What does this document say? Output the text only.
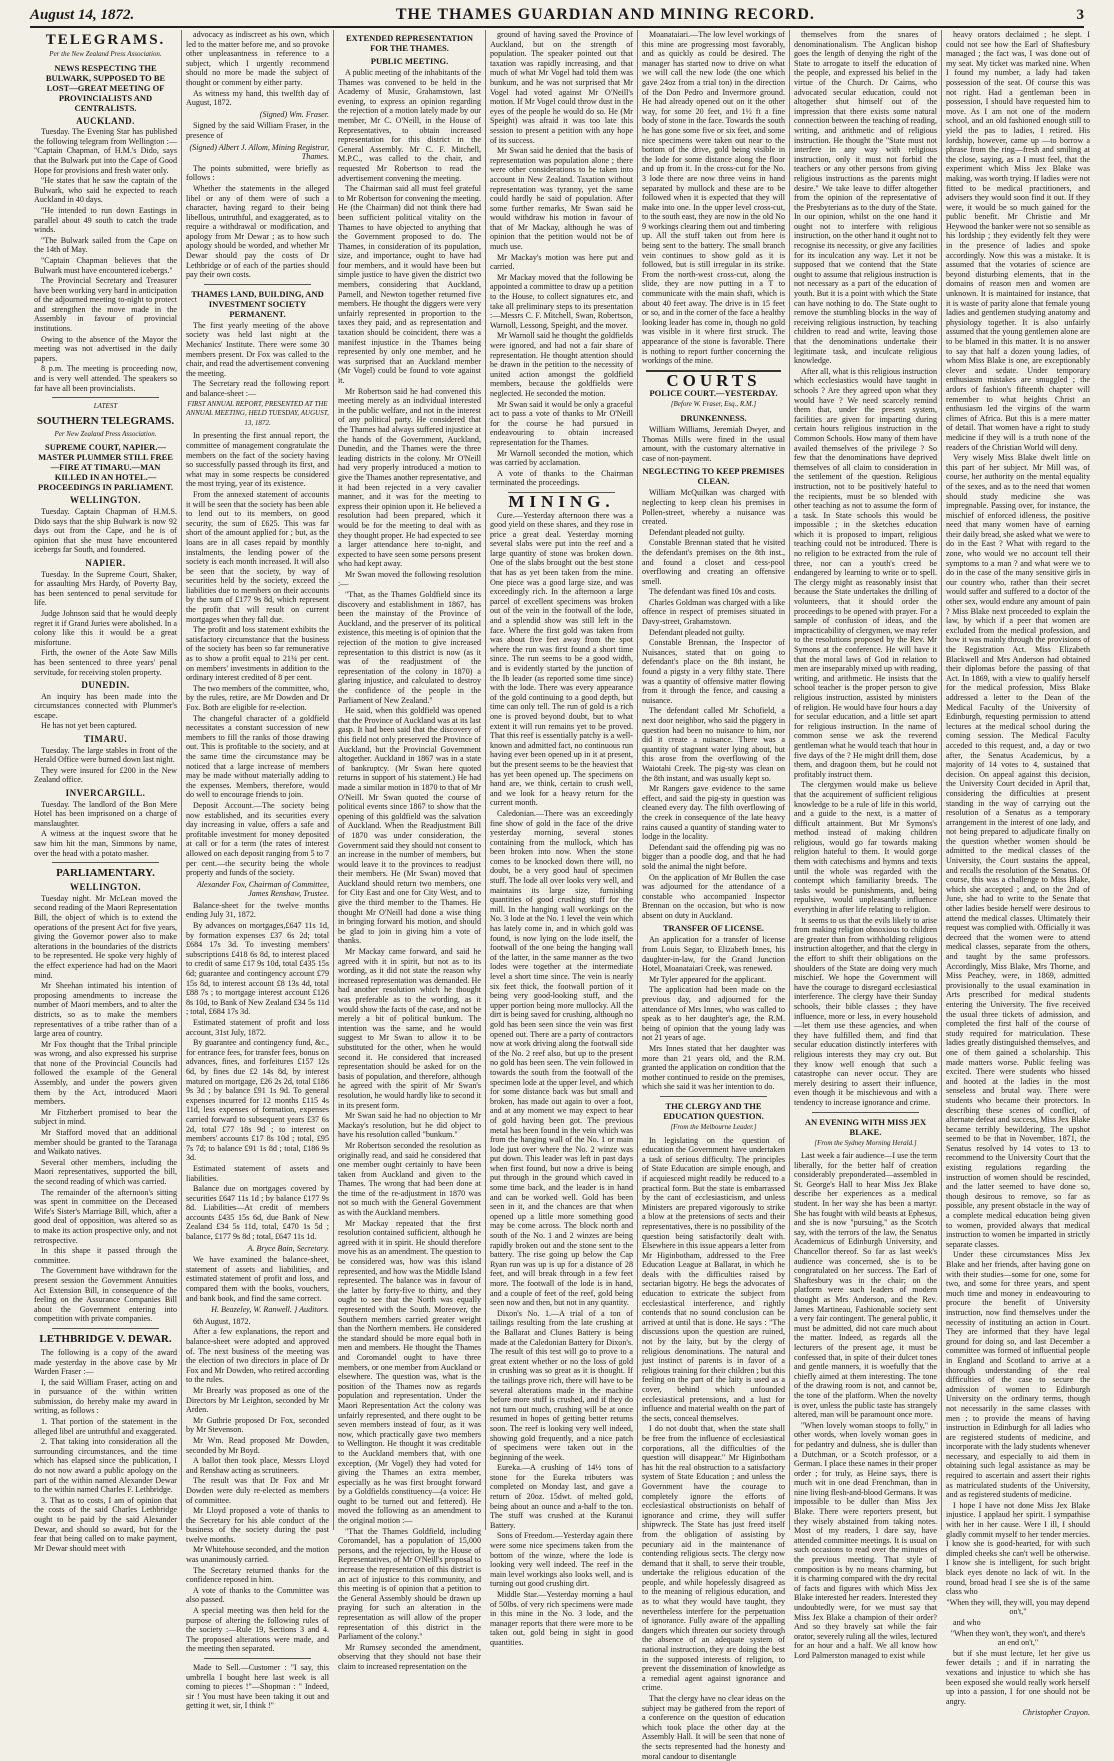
August 14, 1872.	THE THAMES GUARDIAN AND MINING RECORD.	3
TELEGRAMS.
Per the New Zealand Press Association.
NEWS RESPECTING THE BULWARK, SUPPOSED TO BE LOST—GREAT MEETING OF PROVINCIALISTS AND CENTRALISTS.
AUCKLAND.

Tuesday. The Evening Star has published the following telegram from Wellington :— "Captain Chapman, of H.M.'s Dido, says that the Bulwark put into the Cape of Good Hope for provisions and fresh water only.

"He states that he saw the captain of the Bulwark, who said he expected to reach Auckland in 40 days.

"He intended to run down Eastings in parallel about 49 south to catch the trade winds.

"The Bulwark sailed from the Cape on the 14th of May.

"Captain Chapman believes that the Bulwark must have encountered icebergs."

The Provincial Secretary and Treasurer have been working very hard in anticipation of the adjourned meeting to-night to protect and strengthen the move made in the Assembly in favour of provincial institutions.

Owing to the absence of the Mayor the meeting was not advertised in the daily papers.

8 p.m. The meeting is proceeding now, and is very well attended. The speakers so far have all been provincialists.

LATEST
SOUTHERN TELEGRAMS.
Per New Zealand Press Association.
SUPREME COURT, NAPIER.—MASTER PLUMMER STILL FREE—FIRE AT TIMARU.—MAN KILLED IN AN HOTEL.—PROCEEDINGS IN PARLIAMENT.
WELLINGTON.

Tuesday. Captain Chapman of H.M.S. Dido says that the ship Bulwark is now 92 days out from the Cape, and he is of opinion that she must have encountered icebergs far South, and foundered.

NAPIER.

Tuesday. In the Supreme Court, Shaker, for assaulting Mrs Hardy, of Poverty Bay, has been sentenced to penal servitude for life.

Judge Johnson said that he would deeply regret it if Grand Juries were abolished. In a colony like this it would be a great misfortune.

Firth, the owner of the Aote Saw Mills has been sentenced to three years' penal servitude, for receiving stolen property.

DUNEDIN.

An inquiry has been made into the circumstances connected with Plummer's escape.

He has not yet been captured.

TIMARU.

Tuesday. The large stables in front of the Herald Office were burned down last night.

They were insured for £200 in the New Zealand office.

INVERCARGILL.

Tuesday. The landlord of the Bon Mere Hotel has been imprisoned on a charge of manslaughter.

A witness at the inquest swore that he saw him hit the man, Simmons by name, over the head with a potato masher.

PARLIAMENTARY.
WELLINGTON.

Tuesday night. Mr McLean moved the second reading of the Maori Representation Bill, the object of which is to extend the operations of the present Act for five years, giving the Governor power also to make alterations in the boundaries of the districts to be represented. He spoke very highly of the effect experience had had on the Maori mind.

Mr Sheehan intimated his intention of proposing amendments to increase the number of Maori members, and to alter the districts, so as to make the members representatives of a tribe rather than of a large area of country.

Mr Fox thought that the Tribal principle was wrong, and also expressed his surprise that none of the Provincial Councils had followed the example of the General Assembly, and under the powers given them by the Act, introduced Maori members.

Mr Fitzherbert promised to bear the subject in mind.

Mr Stafford moved that an additional member should be granted to the Taranaga and Waikato natives.

Several other members, including the Maori representatives, supported the bill, the second reading of which was carried.

The remainder of the afternoon's sitting was spent in committee on the Deceased Wife's Sister's Marriage Bill, which, after a good deal of opposition, was altered so as to make its action prospective only, and not retrospective.

In this shape it passed through the committee.

The Government have withdrawn for the present session the Government Annuities Act Extension Bill, in consequence of the feeling on the Assurance Companies Bill about the Government entering into competition with private companies.

LETHBRIDGE V. DEWAR.

The following is a copy of the award made yesterday in the above case by Mr Warden Fraser :—

I, the said William Fraser, acting on and in pursuance of the within written submission, do hereby make my award in writing, as follows :

1. That portion of the statement in the alleged libel are untruthful and exaggerated.

2. That taking into consideration all the surrounding circumstances, and the time which has elapsed since the publication, I do not now award a public apology on the part of the within named Alexander Dewar to the within named Charles F. Lethbridge.

3. That as to costs, I am of opinion that the costs of the said Charles Lethbridge ought to be paid by the said Alexander Dewar, and should so award, but for the fear that being called on to make payment, Mr Dewar should meet with

advocacy as indiscreet as his own, which led to the matter before me, and so provoke other unpleasantness in reference to a subject, which I urgently recommend should no more be made the subject of thought or comment by either party.

As witness my hand, this twelfth day of August, 1872.

(Signed) Wm. Fraser.

Signed by the said William Fraser, in the presence of

(Signed) Albert J. Allom, Mining Registrar, Thames.

The points submitted, were briefly as follows :

Whether the statements in the alleged libel or any of them were of such a character, having regard to their being libellous, untruthful, and exaggerated, as to require a withdrawal or modification, and apology from Mr Dewar ; as to how such apology should be worded, and whether Mr Dewar should pay the costs of Dr Lethbridge or of each of the parties should pay their own costs.

THAMES LAND, BUILDING, AND INVESTMENT SOCIETY PERMANENT.

The first yearly meeting of the above society was held last night at the Mechanics' Institute. There were some 30 members present. Dr Fox was called to the chair, and read the advertisement convening the meeting.

The Secretary read the following report and balance-sheet :—

FIRST ANNUAL REPORT, PRESENTED AT THE ANNUAL MEETING, HELD TUESDAY, AUGUST, 13, 1872.

In presenting the first annual report, the committee of management congratulate the members on the fact of the society having so successfully passed through its first, and what may in some respects be considered the most trying, year of its existence.

From the annexed statement of accounts it will be seen that the society has been able to lend out to its members, on good security, the sum of £625. This was far short of the amount applied for ; but, as the loans are in all cases repaid by monthly instalments, the lending power of the society is each month increased. It will also be seen that the society, by way of securities held by the society, exceed the liabilities due to members on their accounts by the sum of £177 9s 8d, which represent the profit that will result on current mortgages when they fall due.

The profit and loss statement exhibits the satisfactory circumstance that the business of the society has been so far remunerative as to show a profit equal to 21¼ per cent. on members' investments in addition to the ordinary interest credited of 8 per cent.

The two members of the committee, who, by the rules, retire, are Mr Dowden and Dr Fox. Both are eligible for re-election.

The changeful character of a goldfield necessitates a constant succession of new members to fill the ranks of those drawing out. This is profitable to the society, and at the same time the circumstance may be noticed that a large increase of members may be made without materially adding to the expenses. Members, therefore, would do well to encourage friends to join.

Deposit Account.—The society being now established, and its securities every day increasing in value, offers a safe and profitable investment for money deposited at call or for a term (the rates of interest allowed on each deposit ranging from 5 to 7 per cent.—the security being the whole property and funds of the society.

Alexander Fox, Chairman of Committee, James Renshaw, Trustee.

Balance-sheet for the twelve months ending July 31, 1872.

By advances on mortgages,£647 11s 1d, by formation expenses £37 6s 2d; total £684 17s 3d. To investing members' subscriptions £418 6s 8d, to interest placed to credit of same £17 9s 10d, total £435 15s 6d; guarantee and contingency account £79 15s 8d, to interest account £8 13s 4d, total £88 7s ; to mortgage interest account £126 8s 10d, to Bank of New Zealand £34 5s 11d ; total, £684 17s 3d.

Estimated statement of profit and loss account, 31st July, 1872.

By guarantee and contingency fund, &c., for entrance fees, for transfer fees, bonus on advances, fines, and forfeitures £157 12s 6d, by fines due £2 14s 8d, by interest matured on mortgage, £26 2s 2d, total £186 9s 3d ; by balance £91 1s 9d. To general expenses incurred for 12 months £115 4s 11d, less expenses of formation, expenses carried forward to subsequent years £37 6s 2d, total £77 18s 9d ; to interest on members' accounts £17 8s 10d ; total, £95 7s 7d; to balance £91 1s 8d ; total, £186 9s 3d.

Estimated statement of assets and liabilities.

Balance due on mortgages covered by securities £647 11s 1d ; by balance £177 9s 8d. Liabilities—At credit of members accounts £435 15s 6d, due Bank of New Zealand £34 5s 11d, total, £470 1s 5d ; balance, £177 9s 8d ; total, £647 11s 1d.

A. Bryce Bain, Secretary.

We have examined the balance-sheet, statement of assets and liabilities, and estimated statement of profit and loss, and compared them with the books, vouchers, and bank book, and find the same correct.

H. Beazeley, W. Ranwell. } Auditors.

6th August, 1872.

After a few explanations, the report and balance-sheet were adopted and approved of. The next business of the meeting was the election of two directors in place of Dr Fox and Mr Dowden, who retired according to the rules.

Mr Brearly was proposed as one of the Directors by Mr Leighton, seconded by Mr Arden.

Mr Guthrie proposed Dr Fox, seconded by Mr Stevenson.

Mr Wm. Read proposed Mr Dowden, seconded by Mr Boyd.

A ballot then took place, Messrs Lloyd and Renshaw acting as scrutineers.

The result was that Dr Fox and Mr Dowden were duly re-elected as members of committee.

Mr Lloyd proposed a vote of thanks to the Secretary for his able conduct of the business of the society during the past twelve months.

Mr Whitehouse seconded, and the motion was unanimously carried.

The Secretary returned thanks for the confidence reposed in him.

A vote of thanks to the Committee was also passed.

A special meeting was then held for the purpose of altering the following rules of the society :—Rule 19, Sections 3 and 4. The proposed alterations were made, and the meeting then separated.

Made to Sell.—Customer : "I say, this umbrella I bought here last week is all coming to pieces !"—Shopman : " Indeed, sir ! You must have been taking it out and getting it wet, sir, I think !"

EXTENDED REPRESENTATION FOR THE THAMES.
PUBLIC MEETING.

A public meeting of the inhabitants of the Thames was convened to be held in the Academy of Music, Grahamstown, last evening, to express an opinion regarding the rejection of a motion lately made by our member, Mr C. O'Neill, in the House of Representatives, to obtain increased representation for this district in the General Assembly. Mr C. F. Mitchell, M.P.C., was called to the chair, and requested Mr Robertson to read the advertisement convening the meeting.

The Chairman said all must feel grateful to Mr Robertson for convening the meeting. He (the Chairman) did not think there had been sufficient political vitality on the Thames to have objected to anything that the Government proposed to do. The Thames, in consideration of its population, size, and importance, ought to have had four members, and it would have been but simple justice to have given the district two members, considering that Auckland, Parnell, and Newton together returned five members. He thought the diggers were very unfairly represented in proportion to the taxes they paid, and as representation and taxation should be coincident, there was a manifest injustice in the Thames being represented by only one member, and he was surprised that an Auckland member (Mr Vogel) could be found to vote against it.

Mr Robertson said he had convened this meeting merely as an individual interested in the public welfare, and not in the interest of any political party. He considered that the Thames had always suffered injustice at the hands of the Government, Auckland, Dunedin, and the Thames were the three leading districts in the colony. Mr O'Neill had very properly introduced a motion to give the Thames another representative, and it had been rejected in a very cavalier manner, and it was for the meeting to express their opinion upon it. He believed a resolution had been prepared, which it would be for the meeting to deal with as they thought proper. He had expected to see a larger attendance here to-night, and expected to have seen some persons present who had kept away.

Mr Swan moved the following resolution :—

"That, as the Thames Goldfield since its discovery and establishment in 1867, has been the mainstay of the Province of Auckland, and the preserver of its political existence, this meeting is of opinion that the rejection of the motion to give increased representation to this district is now (as it was of the readjustment of the representation of the colony in 1870) a glaring injustice, and calculated to destroy the confidence of the people in the Parliament of New Zealand."

He said, when this goldfield was opened that the Province of Auckland was at its last gasp. It had been said that the discovery of this field not only preserved the Province of Auckland, but the Provincial Government altogether. Auckland in 1867 was in a state of bankruptcy. (Mr Swan here quoted returns in support of his statement.) He had made a similar motion in 1870 to that of Mr O'Neill. Mr Swan quoted the course of political events since 1867 to show that the opening of this goldfield was the salvation of Auckland. When the Readjustment Bill of 1870 was under consideration, the Government said they should not consent to an increase in the number of members, but would leave it to the provinces to readjust their members. He (Mr Swan) moved that Auckland should return two members, one for City East and one for City West, and to give the third member to the Thames. He thought Mr O'Neill had done a wise thing in bringing forward his motion, and should be glad to join in giving him a vote of thanks.

Mr Mackay came forward, and said he agreed with it in spirit, but not as to its wording, as it did not state the reason why increased representation was demanded. He had another resolution which he thought was preferable as to the wording, as it would show the facts of the case, and not be merely a bit of political bunkum. The intention was the same, and he would suggest to Mr Swan to allow it to be substituted for the other, when he would second it. He considered that increased representation should be asked for on the basis of population, and therefore, although he agreed with the spirit of Mr Swan's resolution, he would hardly like to second it in its present form.

Mr Swan said he had no objection to Mr Mackay's resolution, but he did object to have his resolution called "bunkum."

Mr Robertson seconded the resolution as originally read, and said he considered that one member ought certainly to have been taken from Auckland and given to the Thames. The wrong that had been done at the time of the re-adjustment in 1870 was not so much with the General Government as with the Auckland members.

Mr Mackay repeated that the first resolution contained sufficient, although he agreed with it in spirit. He should therefore move his as an amendment. The question to be considered was, how was this island represented, and how was the Middle Island represented. The balance was in favour of the latter by forty-five to thirty, and they ought to see that the North was equally represented with the South. Moreover, the Southern members carried greater weight than the Northern members. He considered the standard should be more equal both in men and members. He thought the Thames and Coromandel ought to have three members, or one member from Auckland or elsewhere. The question was, what is the position of the Thames now as regards population and representation. Under the Maori Representation Act the colony was unfairly represented, and there ought to be seven members instead of four, as it was now, which practically gave two members to Wellington. He thought it was creditable to the Auckland members that, with one exception, (Mr Vogel) they had voted for giving the Thames an extra member, especially as he was first brought forward by a Goldfields constituency—(a voice: He ought to be turned out and fettered). He moved the following as an amendment to the original motion :—

"That the Thames Goldfield, including Coromandel, has a population of 15,000 persons, and the rejection, by the House of Representatives, of Mr O'Neill's proposal to increase the representation of this district is an act of injustice to this community, and this meeting is of opinion that a petition to the General Assembly should be drawn up praying for such an alteration in the representation as will allow of the proper representation of this district in the Parliament of the colony."

Mr Rumsey seconded the amendment, observing that they should not base their claim to increased representation on the

ground of having saved the Province of Auckland, but on the strength of population. The speaker pointed out that taxation was rapidly increasing, and that much of what Mr Vogel had told them was bunkum, and he was not surprised that Mr Vogel had voted against Mr O'Neill's motion. If Mr Vogel could throw dust in the eyes of the people he would do so. He (Mr Speight) was afraid it was too late this session to present a petition with any hope of its success.

Mr Swan said he denied that the basis of representation was population alone ; there were other considerations to be taken into account in New Zealand. Taxation without representation was tyranny, yet the same could hardly be said of population. After some further remarks, Mr Swan said he would withdraw his motion in favour of that of Mr Mackay, although he was of opinion that the petition would not be of much use.

Mr Mackay's motion was here put and carried.

Mr Mackay moved that the following be appointed a committee to draw up a petition to the House, to collect signatures etc, and take all preliminary steps to its presentation :—Messrs C. F. Mitchell, Swan, Robertson, Warnoll, Lessong, Speight, and the mover.

Mr Warnoll said he thought the goldfields were ignored, and had not a fair share of representation. He thought attention should be drawn in the petition to the necessity of united action amongst the goldfield members, because the goldfields were neglected. He seconded the motion.

Mr Swan said it would be only a graceful act to pass a vote of thanks to Mr O'Neill for the course he had pursued in endeavouring to obtain increased representation for the Thames.

Mr Warnoll seconded the motion, which was carried by acclamation.

A vote of thanks to the Chairman terminated the proceedings.

MINING.

Cure.—Yesterday afternoon there was a good yield on these shares, and they rose in price a great deal. Yesterday morning several slabs were put into the reef and a large quantity of stone was broken down. One of the slabs brought out the best stone that has as yet been taken from the mine. One piece was a good large size, and was exceedingly rich. In the afternoon a large parcel of excellent specimens was broken out of the vein in the footwall of the lode, and a splendid show was still left in the face. Where the first gold was taken from was about five feet away from the spot where the run was first found a short time since. The run seems to be a good width, and is evidently started by the junction of the Ib leader (as reported some time since) with the lode. There was every appearance of the gold continuing to a good depth, but time can only tell. The run of gold is a rich one is proved beyond doubt, but to what extent it will run remains yet to be proved. That this reef is essentially patchy is a well-known and admitted fact, no continuous run having ever been opened up in it at present, but the present seems to be the heaviest that has yet been opened up. The specimens on hand are, we think, certain to crush well, and we look for a heavy return for the current month.

Caledonian.—There was an exceedingly fine show of gold in the face of the drive yesterday morning, several stones containing from the mullock, which has been broken into now. When the stone comes to be knocked down there will, no doubt, be a very good haul of specimen stuff. The lode all over looks very well, and maintains its large size, furnishing quantities of good crushing stuff for the mill. In the hanging wall workings on the No. 3 lode at the No. 1 level the vein which has lately come in, and in which gold was found, is now lying on the lode itself, the footwall of the one being the hanging wall of the latter, in the same manner as the two lodes were together at the intermediate level a short time since. The vein is nearly six feet thick, the footwall portion of it being very good-looking stuff, and the upper portion being more mullocky. All the dirt is being saved for crushing, although no gold has been seen since the vein was first opened out. There are a party of contractors now at work driving along the footwall side of the No. 2 reef also, but up to the present no gold has been seen. The vein followed in towards the south from the footwall of the specimen lode at the upper level, and which for some distance back was but small and broken, has made out again to over a foot, and at any moment we may expect to hear of gold having been got. The previous metal has been found in the vein which was from the hanging wall of the No. 1 or main lode just over where the No. 2 winze was put down. This leader was left in past days when first found, but now a drive is being put through in the ground which caved in some time back, and the leader is in hand and can be worked well. Gold has been seen in it, and the chances are that when opened up a little more something good may be come across. The block north and south of the No. 1 and 2 winzes are being rapidly broken out and the stone sent to the battery. The rise going up below the Cap Ryan run was up is up for a distance of 28 feet, and will break through in a few feet more. The footwall of the lode is in hand, and a couple of feet of the reef, gold being seen now and then, but not in any quantity.

Dixon's No. 1.—A trial of a ton of tailings resulting from the late crushing at the Ballarat and Clunes Battery is being made at the Caledonian Battery for Dixon's. The result of this test will go to prove to a great extent whether or no the loss of gold in crushing was so great as it is thought. If the tailings prove rich, there will have to be several alterations made in the machine before more stuff is crushed, and if they do not turn out much, crushing will be at once resumed in hopes of getting better returns soon. The reef is looking very well indeed, showing gold frequently, and a nice patch of specimens were taken out in the beginning of the week.

Eureka.—A crushing of 14½ tons of stone for the Eureka tributers was completed on Monday last, and gave a return of 20oz. 15dwt. of melted gold, being about an ounce and a-half to the ton. The stuff was crushed at the Kuranui Battery.

Sons of Freedom.—Yesterday again there were some nice specimens taken from the bottom of the winze, where the lode is looking very well indeed. The reef in the main level workings also looks well, and is turning out good crushing dirt.

Middle Star.—Yesterday morning a haul of 50lbs. of very rich specimens were made in this mine in the No. 3 lode, and the manager reports that there were more to be taken out, gold being in sight in good quantities.

Moanataiari.—The low level workings of this mine are progressing most favorably, and as quickly as could be desired. The manager has started now to drive on what we will call the new lode (the one which gave 24oz from a trial ton) in the direction of the Don Pedro and Invermore ground. He had already opened out on it the other way, for some 20 feet, and 1½ ft a fine body of stone in the face. Towards the south he has gone some five or six feet, and some nice specimens were taken out near to the bottom of the drive, gold being visible in the lode for some distance along the floor and up from it. In the cross-cut for the No. 3 lode there are now three veins in hand separated by mullock and these are to be followed when it is expected that they will make into one. In the upper level cross-cut, to the south east, they are now in the old No 9 workings clearing them out and timbering up. All the stuff taken out from here is being sent to the battery. The small branch vein continues to show gold as it is followed, but is still irregular in its strike. From the north-west cross-cut, along the slide, they are now putting in a T to communicate with the main shaft, which is about 40 feet away. The drive is in 15 feet or so, and in the corner of the face a healthy looking leader has come in, though no gold was visible in it where first struck. The appearance of the stone is favorable. There is nothing to report further concerning the workings of the mine.

COURTS
POLICE COURT.—YESTERDAY.
[Before W. Fraser, Esq., R.M.]
DRUNKENNESS.

William Williams, Jeremiah Dwyer, and Thomas Mills were fined in the usual amount, with the customary alternative in case of non-payment.

NEGLECTING TO KEEP PREMISES CLEAN.

William McQuilkan was charged with neglecting to keep clean his premises in Pollen-street, whereby a nuisance was created.

Defendant pleaded not guilty.

Constable Brennan stated that he visited the defendant's premises on the 8th inst., and found a closet and cess-pool overflowing and creating an offensive smell.

The defendant was fined 10s and costs.

Charles Goldman was charged with a like offence in respect of premises situated in Davy-street, Grahamstown.

Defendant pleaded not guilty.

Constable Brennan, the Inspector of Nuisances, stated that on going to defendant's place on the 8th instant, he found a pigsty in a very filthy state. There was a quantity of offensive matter flowing from it through the fence, and causing a nuisance.

The defendant called Mr Schofield, a next door neighbor, who said the piggery in question had been no nuisance to him, nor did it create a nuisance. There was a quantity of stagnant water lying about, but this arose from the overflowing of the Waiotahi Creek. The pig-sty was clean on the 8th instant, and was usually kept so.

Mr Rangers gave evidence to the same effect, and said the pig-sty in question was cleaned every day. The filth overflowing of the creek in consequence of the late heavy rains caused a quantity of standing water to lodge in the locality.

Defendant said the offending pig was no bigger than a poodle dog, and that he had sold the animal the night before.

On the application of Mr Bullen the case was adjourned for the attendance of a constable who accompanied Inspector Brennan on the occasion, but who is now absent on duty in Auckland.

TRANSFER OF LICENSE.

An application for a transfer of license from Louis Segar, to Elizabeth Innes, his daughter-in-law, for the Grand Junction Hotel, Moanataiari Creek, was renewed.

Mr Tyler appeared for the applicant.

The application had been made on the previous day, and adjourned for the attendance of Mrs Innes, who was called to speak as to her daughter's age, the R.M. being of opinion that the young lady was not 21 years of age.

Mrs Innes stated that her daughter was more than 21 years old, and the R.M. granted the application on condition that the mother continued to reside on the premises, which she said it was her intention to do.

THE CLERGY AND THE EDUCATION QUESTION.
[From the Melbourne Leader.]

In legislating on the question of education the Government have undertaken a task of serious difficulty. The principles of State Education are simple enough, and if acquiesced might readily be reduced to a practical form. But the state is embarrassed by the cant of ecclesiasticism, and unless Ministers are prepared vigorously to strike a blow at the pretensions of sects and their representatives, there is no possibility of the question being satisfactorily dealt with. Elsewhere in this issue appears a letter from Mr Higinbotham, addressed to the Free Education League at Ballarat, in which he deals with the difficulties raised by sectarian bigotry. He begs the advocates of education to extricate the subject from ecclesiastical interference, and rightly contends that no sound conclusion can be arrived at until that is done. He says : "The discussions upon the question are ruined, not by the laity, but by the clergy of religious denominations. The natural and just instinct of parents is in favor of a religious training for their children ; but this feeling on the part of the laity is used as a cover, behind which unfounded ecclesiastical pretensions, and a lust for influence and material wealth on the part of the sects, conceal themselves.

I do not doubt that, when the state shall be free from the influence of ecclesiastical corporations, all the difficulties of the question will disappear." Mr Higinbotham has hit the real obstruction to a satisfactory system of State Education ; and unless the Government have the courage to completely ignore the efforts of ecclesiastical obstructionists on behalf of ignorance and crime, they will suffer shipwreck. The State has just freed itself from the obligation of assisting by pecuniary aid in the maintenance of contending religious sects. The clergy now demand that it shall, to serve their trouble, undertake the religious education of the people, and while hopelessly disagreed as to the meaning of religious education, and as to what they would have taught, they nevertheless interfere for the perpetuation of ignorance. Fully aware of the appalling dangers which threaten our society through the absence of an adequate system of national instruction, they are doing the best in the supposed interests of religion, to prevent the dissemination of knowledge as a remedial agent against ignorance and crime.

That the clergy have no clear ideas on the subject may be gathered from the report of a conference on the question of education which took place the other day at the Assembly Hall. It will be seen that none of the sects represented had the honesty and moral candour to disentangle

themselves from the snares of denominationalism. The Anglican bishop goes the length of denying the right of the State to arrogate to itself the education of the people, and expressed his belief in the virtue of the Church. Dr Cairns, who advocated secular education, could not altogether shut himself out of the impression that there exists some natural connection between the teaching of reading, writing, and arithmetic and of religious instruction. He thought the "State must not interfere in any way with religious instruction, only it must not forbid the teachers or any other persons from giving religious instructions as the parents might desire." We take leave to differ altogether from the opinion of the representative of the Presbyterians as to the duty of the State. In our opinion, whilst on the one hand it ought not to interfere with religious instruction, on the other hand it ought not to recognise its necessity, or give any facilities for its inculcation any way. Let it not be supposed that we contend that the State ought to assume that religious instruction is not necessary as a part of the education of youth. But it is a point with which the State can have nothing to do. The State ought to remove the stumbling blocks in the way of receiving religious instruction, by teaching children to read and write, leaving those that the denominations undertake their legitimate task, and inculcate religious knowledge.

After all, what is this religious instruction which ecclesiastics would have taught in schools ? Are they agreed upon what they would have ? We need scarcely remind them that, under the present system, facilities are given for imparting during certain hours religious instruction in the Common Schools. How many of them have availed themselves of the privilege ? So few that the denominations have deprived themselves of all claim to consideration in the settlement of the question. Religious instruction, not to be positively hateful to the recipients, must be so blended with other teaching as not to assume the form of a task. In State schools this would be impossible ; in the sketches education which it is proposed to impart, religious teaching could not be introduced. There is no religion to be extracted from the rule of three, nor can a youth's creed be endangered by learning to write or to spell. The clergy might as reasonably insist that because the State undertakes the drilling of volunteers, that it should order the proceedings to be opened with prayer. For a sample of confusion of ideas, and the impracticability of clergymen, we may refer to the resolutions proposed by the Rev. Mr Symons at the conference. He will have it that the moral laws of God in relation to men are inseparably mixed up with reading, writing, and arithmetic. He insists that the school teacher is the proper person to give religious instruction, assisted by ministers of religion. He would have four hours a day for secular education, and a little set apart for religious instruction. In the name of common sense we ask the reverend gentleman what he would teach that hour in five days of the ? He might drill them, dose them, and dragoon them, but he could not profitably instruct them.

The clergymen would make us believe that the acquirement of sufficient religious knowledge to be a rule of life in this world, and a guide to the next, is a matter of difficult attainment. But Mr Symons's method instead of making children religious, would go far towards making religion hateful to them. It would gorge them with catechisms and hymns and texts until the whole was regarded with the contempt which familiarity breeds. The tasks would be punishments, and, being repulsive, would unpleasantly influence everything in after life relating to religion.

It seems to us that the evils likely to arise from making religion obnoxious to children are greater than from withholding religious instruction altogether, and that the clergy in the effort to shift their obligations on the shoulders of the State are doing very much mischief. We hope the Government will have the courage to disregard ecclesiastical interference. The clergy have their Sunday schools, their bible classes ; they have influence, more or less, in every household—let them use these agencies, and when they have fulfilled them, and find that secular education distinctly interferes with religious interests they may cry out. But they know well enough that such a catastrophe can never occur. They are merely desiring to assert their influence, even though it be mischievous and with a tendency to increase ignorance and crime.

AN EVENING WITH MISS JEX BLAKE.
[From the Sydney Morning Herald.]

Last week a fair audience—I use the term liberally, for the better half of creation considerably preponderated—assembled in St. George's Hall to hear Miss Jex Blake describe her experiences as a medical student. In her way she has been a martyr. She has fought with wild beasts at Ephesus, and she is now "pursuing," as the Scotch say, with the terrors of the law, the Senatus Academicus of Edinburgh University, and Chancellor thereof. So far as last week's audience was concerned, she is to be congratulated on her success. The Earl of Shaftesbury was in the chair; on the platform were such leaders of modern thought as Mrs Anderson, and the Rev. James Martineau, Fashionable society sent a very fair contingent. The general public, it must be admitted, did not care much about the matter. Indeed, as regards all the lecturers of the present age, it must be confessed that, in spite of their dulcet tones and gentle manners, it is woefully that the chiefly aimed at them interesting. The tone of the drawing room is not, and cannot be, the tone of the platform. When the novelty is over, unless the public taste has strangely altered, man will be paramount once more.

"When lovely woman stoops to folly," in other words, when lovely woman goes in for pedantry and dulness, she is duller than a Dutchman, or a Scotch professor, or a German. I place these names in their proper order ; for truly, as Heine says, there is much wit in one dead Frenchman, than in nine living flesh-and-blood Germans. It was impossible to be duller than Miss Jex Blake. There were reporters present, but they wisely abstained from taking notes. Most of my readers, I dare say, have attended committee meetings. It is usual on such occasions to read over the minutes of the previous meeting. That style of composition is by no means charming, but it is charming compared with the dry recital of facts and figures with which Miss Jex Blake interested her readers. Interested they undoubtedly were, for we must say that Miss Jex Blake a champion of their order? And so they bravely sat while the fair orator, severely ruling all the wiles, lectured for an hour and a half. We all know how Lord Palmerston managed to exist while

heavy orators declaimed ; he slept. I could not see how the Earl of Shaftesbury managed ; the fact was, I was done out of my seat. My ticket was marked nine. When I found my number, a lady had taken possession of the seat. Of course this was not right. Had a gentleman been in possession, I should have requested him to move. As I am not one of the modern school, and an old fashioned enough still to yield the pas to ladies, I retired. His lordship, however, came up —to borrow a phrase from the ring—fresh and smiling at the close, saying, as a I must feel, that the experiment which Miss Jex Blake was making, was worth trying. If ladies were not fitted to be medical practitioners, and advisers they would soon find it out. If they were, it would be so much gained for the public benefit. Mr Christie and Mr Heywood the banker were not so sensible as his lordship ; they evidently felt they were in the presence of ladies and spoke accordingly. Now this was a mistake. It is assumed that the votaries of science are beyond disturbing elements, that in the domains of reason men and women are unknown. It is maintained for instance, that it is waste of parity alone that female young ladies and gentlemen studying anatomy and physiology together. It is also unfairly assumed that the young gentlemen alone are to be blamed in this matter. It is no answer to say that half a dozen young ladies, of whom Miss Blake is one, are exceptionably clever and sedate. Under temporary enthusiasm mistakes are smuggled ; the ardors of fashion's fifteenth chapter will remember to what heights Christ an enthusiasm led the virgins of the warm climes of Africa. But this is a mere matter of detail. That women have a right to study medicine if they will is a truth none of the readers of the Christian World will deny.

Very wisely Miss Blake dwelt little on this part of her subject. Mr Mill was, of course, her authority on the mental equality of the sexes, and as to the need that women should study medicine she was impregnable. Passing over, for instance, the mischief of enforced idleness, the positive need that many women have of earning their daily bread, she asked what we were to do in the East ? What with regard to the zone, who would we no account tell their symptoms to a man ? and what were we to do in the case of the many sensitive girls in our country who, rather than their secret would suffer and suffered to a doctor of the other sex, would endure any amount of pain ? Miss Blake next proceeded to explain the law, by which if a peer that women are excluded from the medical profession, and how it was mainly through the provisions of the Registration Act. Miss Elizabeth Blackwell and Mrs Anderson had obtained their diplomas before the passing of that Act. In 1869, with a view to qualify herself for the medical profession, Miss Blake addressed a letter to the Dean of the Medical Faculty of the University of Edinburgh, requesting permission to attend lectures at the medical school during the coming session. The Medical Faculty acceded to this request, and, a day or two after, the Senatus Academicus, by a majority of 14 votes to 4, sustained that decision. On appeal against this decision, the University Court decided in April that, considering the difficulties at present standing in the way of carrying out the resolution of a Senatus as a temporary arrangement in the interest of one lady, and not being prepared to adjudicate finally on the question whether women should be admitted to the medical classes of the University, the Court sustains the appeal, and recalls the resolution of the Senatus. Of course, this was a challenge to Miss Blake, which she accepted ; and, on the 2nd of June, she had to write to the Senate that other ladies beside herself were desirous to attend the medical classes. Ultimately their request was complied with. Officially it was decreed that the women were to attend medical classes, separate from the others, and taught by the same professors. Accordingly, Miss Blake, Mrs Thorne, and Miss Peachey, were, in 1869, admitted provisionally to the usual examination in Arts prescribed for medical students entering the University. The five received the usual three tickets of admission, and completed the first half of the course of study required for matriculation. These ladies greatly distinguished themselves, and one of them gained a scholarship. This made matters worse. Public feeling was excited. There were students who hissed and hooted at the ladies in the most senseless and brutal way. There were students who became their protectors. In describing these scenes of conflict, of alternate defeat and success, Miss Jex Blake became terribly bewildering. The upshot seemed to be that in November, 1871, the Senatus resolved by 14 votes to 13 to recommend to the University Court that the existing regulations regarding the instruction of women should be rescinded, and the latter seemed to have done so, though desirous to remove, so far as possible, any present obstacle in the way of a complete medical education being given to women, provided always that medical instruction to women be imparted in strictly separate classes.

Under these circumstances Miss Jex Blake and her friends, after having gone on with their studies—some for one, some for two, and some for three years, and spent much time and money in endeavouring to procure the benefit of University instruction, now find themselves under the necessity of instituting an action in Court. They are informed that they have legal ground for doing so, and last December a committee was formed of influential people in England and Scotland to arrive at a thorough understanding of the real difficulties of the case to secure the admission of women to Edinburgh University on the ordinary terms, though not necessarily in the same classes with men ; to provide the means of having instruction in Edinburgh for all ladies who are registered students of medicine, and incorporate with the lady students whenever necessary, and especially to aid them in obtaining such legal assistance as may be required to ascertain and assert their rights as matriculated students of the University, and as registered students of medicine.

I hope I have not done Miss Jex Blake injustice. I applaud her spirit. I sympathise with her in her cause. Were I ill, I should gladly commit myself to her tender mercies. I know she is good-hearted, for with such dimpled cheeks she can't well be otherwise. I know she is intelligent, for such bright black eyes denote no lack of wit. In the round, broad head I see she is of the same class who

"When they will, they will, you may depend on't,"

and who

"When they won't, they won't, and there's an end on't,"

but if she must lecture, let her give us fewer details ; and if in narrating the vexations and injustice to which she has been exposed she would really work herself up into a passion, I for one should not be angry.

Christopher Crayon.
